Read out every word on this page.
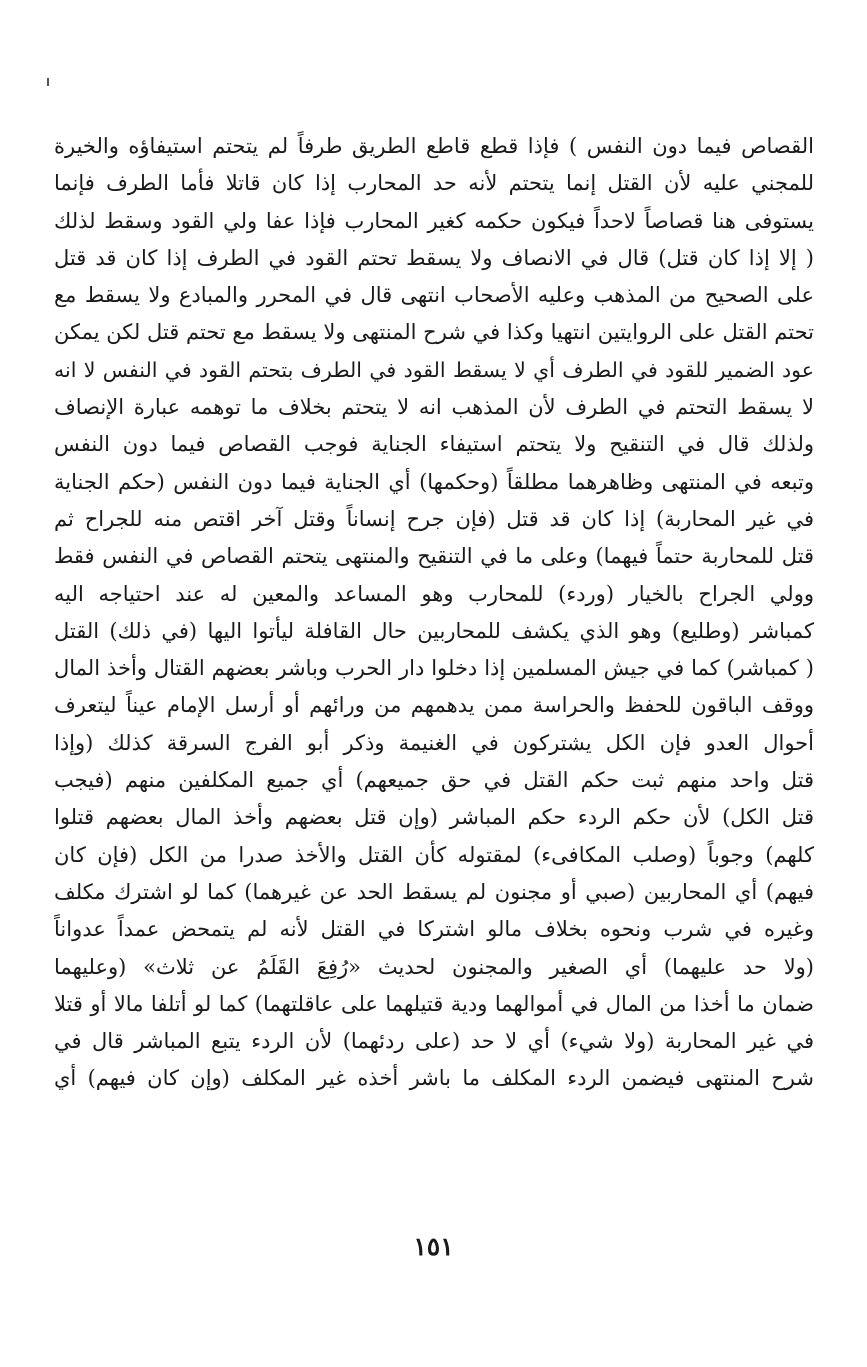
القصاص فيما دون النفس ) فإذا قطع قاطع الطريق طرفاً لم يتحتم استيفاؤه والخيرة
للمجني عليه لأن القتل إنما يتحتم لأنه حد المحارب إذا كان قاتلا فأما الطرف فإنما
يستوفى هنا قصاصاً لاحداً فيكون حكمه كغير المحارب فإذا عفا ولي القود وسقط لذلك
( إلا إذا كان قتل) قال في الانصاف ولا يسقط تحتم القود في الطرف إذا كان قد قتل
على الصحيح من المذهب وعليه الأصحاب انتهى قال في المحرر والمبادع ولا يسقط مع
تحتم القتل على الروايتين انتهيا وكذا في شرح المنتهى ولا يسقط مع تحتم قتل لكن يمكن
عود الضمير للقود في الطرف أي لا يسقط القود في الطرف بتحتم القود في النفس لا انه
لا يسقط التحتم في الطرف لأن المذهب انه لا يتحتم بخلاف ما توهمه عبارة الإنصاف
ولذلك قال في التنقيح ولا يتحتم استيفاء الجناية فوجب القصاص فيما دون النفس
وتبعه في المنتهى وظاهرهما مطلقاً (وحكمها) أي الجناية فيما دون النفس (حكم الجناية
في غير المحاربة) إذا كان قد قتل (فإن جرح إنساناً وقتل آخر اقتص منه للجراح ثم
قتل للمحاربة حتماً فيهما) وعلى ما في التنقيح والمنتهى يتحتم القصاص في النفس فقط
وولي الجراح بالخيار (وردء) للمحارب وهو المساعد والمعين له عند احتياجه اليه
كمباشر (وطليع) وهو الذي يكشف للمحاربين حال القافلة ليأتوا اليها (في ذلك) القتل
( كمباشر) كما في جيش المسلمين إذا دخلوا دار الحرب وباشر بعضهم القتال وأخذ المال
ووقف الباقون للحفظ والحراسة ممن يدهمهم من ورائهم أو أرسل الإمام عيناً ليتعرف
أحوال العدو فإن الكل يشتركون في الغنيمة وذكر أبو الفرج السرقة كذلك (وإذا
قتل واحد منهم ثبت حكم القتل في حق جميعهم) أي جميع المكلفين منهم (فيجب
قتل الكل) لأن حكم الردء حكم المباشر (وإن قتل بعضهم وأخذ المال بعضهم قتلوا
كلهم) وجوباً (وصلب المكافىء) لمقتوله كأن القتل والأخذ صدرا من الكل (فإن كان
فيهم) أي المحاربين (صبي أو مجنون لم يسقط الحد عن غيرهما) كما لو اشترك مكلف
وغيره في شرب ونحوه بخلاف مالو اشتركا في القتل لأنه لم يتمحض عمداً عدواناً
(ولا حد عليهما) أي الصغير والمجنون لحديث «رُفِعَ القَلَمُ عن ثلاث» (وعليهما
ضمان ما أخذا من المال في أموالهما ودية قتيلهما على عاقلتهما) كما لو أتلفا مالا أو قتلا
في غير المحاربة (ولا شيء) أي لا حد (على ردئهما) لأن الردء يتبع المباشر قال في
شرح المنتهى فيضمن الردء المكلف ما باشر أخذه غير المكلف (وإن كان فيهم) أي
١٥١
